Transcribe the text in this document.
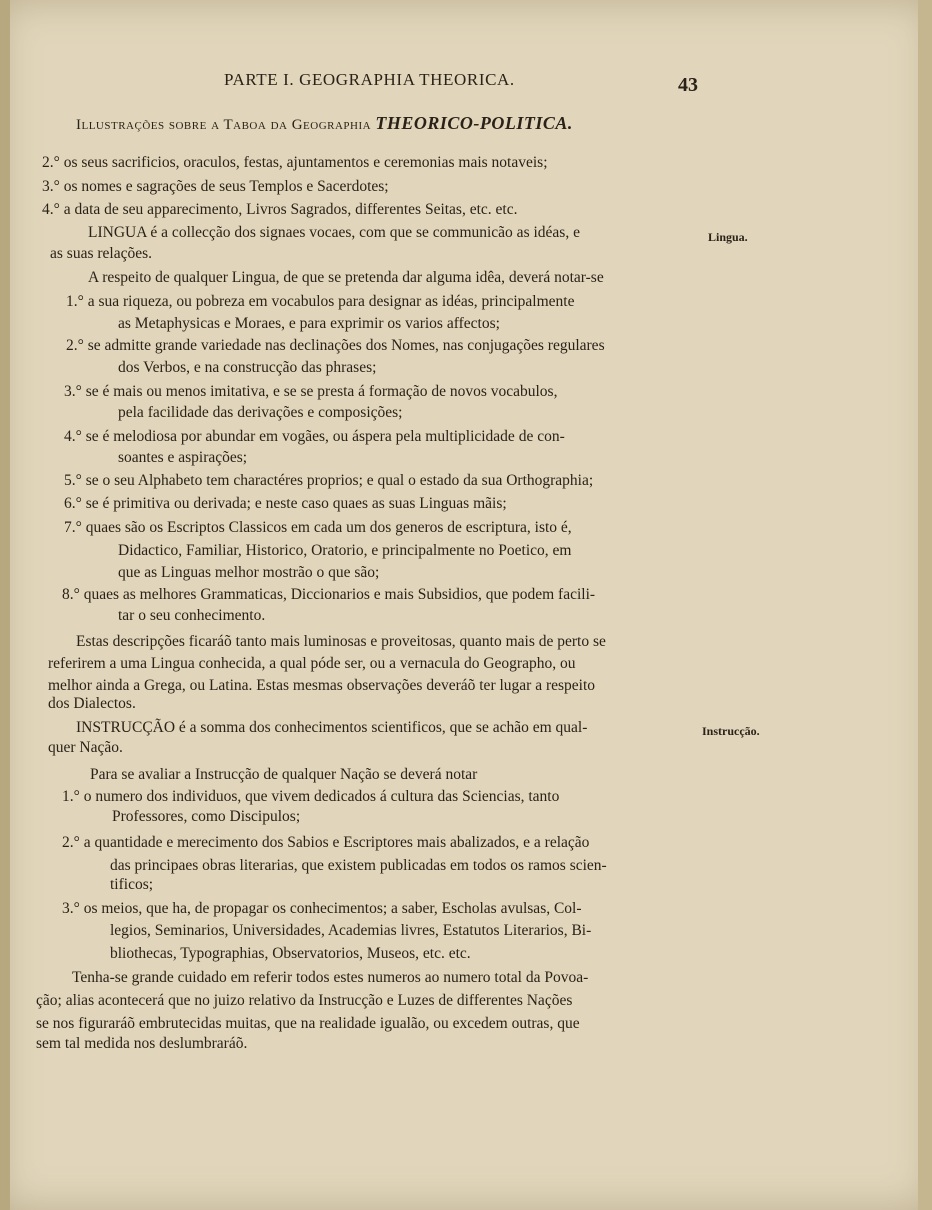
PARTE I. GEOGRAPHIA THEORICA.	43
Illustrações sobre a Taboa da Geographia THEORICO-POLITICA.
2.° os seus sacrificios, oraculos, festas, ajuntamentos e ceremonias mais notaveis;
3.° os nomes e sagrações de seus Templos e Sacerdotes;
4.° a data de seu apparecimento, Livros Sagrados, differentes Seitas, etc. etc.
LINGUA é a collecção dos signaes vocaes, com que se communicão as idéas, e
as suas relações.
A respeito de qualquer Lingua, de que se pretenda dar alguma idêa, deverá notar-se
1.° a sua riqueza, ou pobreza em vocabulos para designar as idéas, principalmente
as Metaphysicas e Moraes, e para exprimir os varios affectos;
2.° se admitte grande variedade nas declinações dos Nomes, nas conjugações regulares
dos Verbos, e na construcção das phrases;
3.° se é mais ou menos imitativa, e se se presta á formação de novos vocabulos,
pela facilidade das derivações e composições;
4.° se é melodiosa por abundar em vogães, ou áspera pela multiplicidade de con-
soantes e aspirações;
5.° se o seu Alphabeto tem charactéres proprios; e qual o estado da sua Orthographia;
6.° se é primitiva ou derivada; e neste caso quaes as suas Linguas mãis;
7.° quaes são os Escriptos Classicos em cada um dos generos de escriptura, isto é,
Didactico, Familiar, Historico, Oratorio, e principalmente no Poetico, em
que as Linguas melhor mostrão o que são;
8.° quaes as melhores Grammaticas, Diccionarios e mais Subsidios, que podem facili-
tar o seu conhecimento.
Estas descripções ficaráõ tanto mais luminosas e proveitosas, quanto mais de perto se
referirem a uma Lingua conhecida, a qual póde ser, ou a vernacula do Geographo, ou
melhor ainda a Grega, ou Latina. Estas mesmas observações deveráõ ter lugar a respeito
dos Dialectos.
INSTRUCÇÃO é a somma dos conhecimentos scientificos, que se achão em qual-
quer Nação.
Para se avaliar a Instrucção de qualquer Nação se deverá notar
1.° o numero dos individuos, que vivem dedicados á cultura das Sciencias, tanto
Professores, como Discipulos;
2.° a quantidade e merecimento dos Sabios e Escriptores mais abalizados, e a relação
das principaes obras literarias, que existem publicadas em todos os ramos scien-
tificos;
3.° os meios, que ha, de propagar os conhecimentos; a saber, Escholas avulsas, Col-
legios, Seminarios, Universidades, Academias livres, Estatutos Literarios, Bi-
bliothecas, Typographias, Observatorios, Museos, etc. etc.
Tenha-se grande cuidado em referir todos estes numeros ao numero total da Povoa-
ção; alias acontecerá que no juizo relativo da Instrucção e Luzes de differentes Nações
se nos figuraráõ embrutecidas muitas, que na realidade igualão, ou excedem outras, que
sem tal medida nos deslumbraráõ.
Lingua.
Instrucção.
